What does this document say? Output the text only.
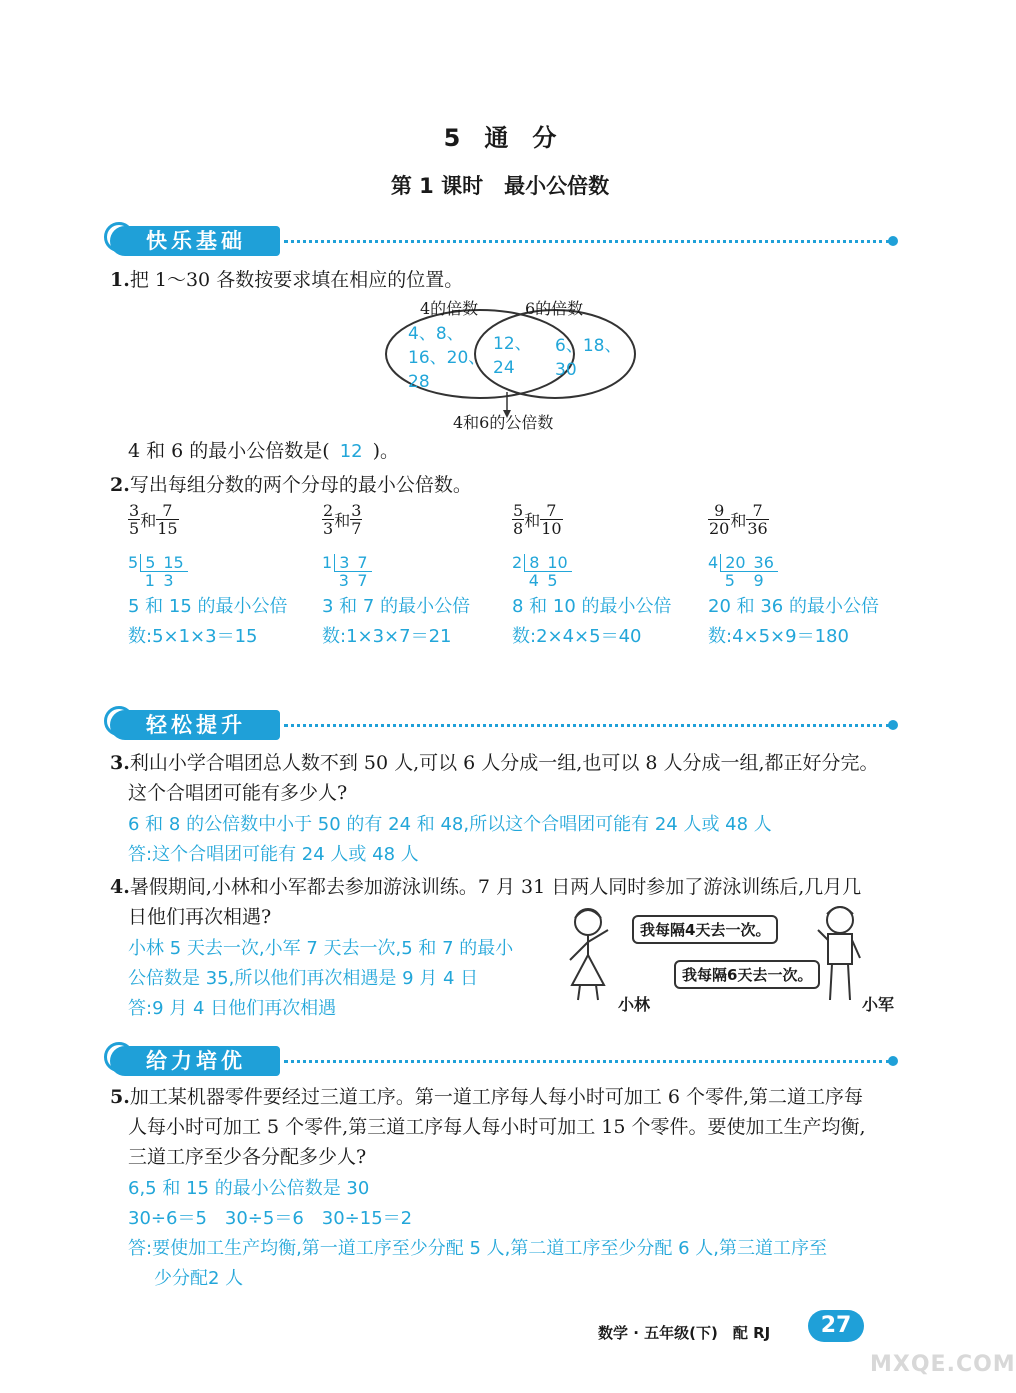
5　通　分
第 1 课时　最小公倍数
快乐基础
1.把 1～30 各数按要求填在相应的位置。
4的倍数	6的倍数
4、8、
16、20、
28
12、
24
6、18、
30
4和6的公倍数
4 和 6 的最小公倍数是( 12 )。
2.写出每组分数的两个分母的最小公倍数。
$\frac{3}{5}$ 和 $\frac{7}{15}$
5	5	15
	1	3
5 和 15 的最小公倍
数:5×1×3＝15
$\frac{2}{3}$ 和 $\frac{3}{7}$
1	3	7
	3	7
3 和 7 的最小公倍
数:1×3×7＝21
$\frac{5}{8}$ 和 $\frac{7}{10}$
2	8	10
	4	5
8 和 10 的最小公倍
数:2×4×5＝40
$\frac{9}{20}$ 和 $\frac{7}{36}$
4	20	36
	5	9
20 和 36 的最小公倍
数:4×5×9＝180
轻松提升
3.利山小学合唱团总人数不到 50 人,可以 6 人分成一组,也可以 8 人分成一组,都正好分完。
这个合唱团可能有多少人?
6 和 8 的公倍数中小于 50 的有 24 和 48,所以这个合唱团可能有 24 人或 48 人
答:这个合唱团可能有 24 人或 48 人
4.暑假期间,小林和小军都去参加游泳训练。7 月 31 日两人同时参加了游泳训练后,几月几
日他们再次相遇?
小林 5 天去一次,小军 7 天去一次,5 和 7 的最小
公倍数是 35,所以他们再次相遇是 9 月 4 日
答:9 月 4 日他们再次相遇
我每隔4天去一次。
我每隔6天去一次。
小林	小军
给力培优
5.加工某机器零件要经过三道工序。第一道工序每人每小时可加工 6 个零件,第二道工序每
人每小时可加工 5 个零件,第三道工序每人每小时可加工 15 个零件。要使加工生产均衡,
三道工序至少各分配多少人?
6,5 和 15 的最小公倍数是 30
30÷6＝5　30÷5＝6　30÷15＝2
答:要使加工生产均衡,第一道工序至少分配 5 人,第二道工序至少分配 6 人,第三道工序至
少分配2 人
数学 · 五年级(下)　配 RJ	27
MXQE.COM
